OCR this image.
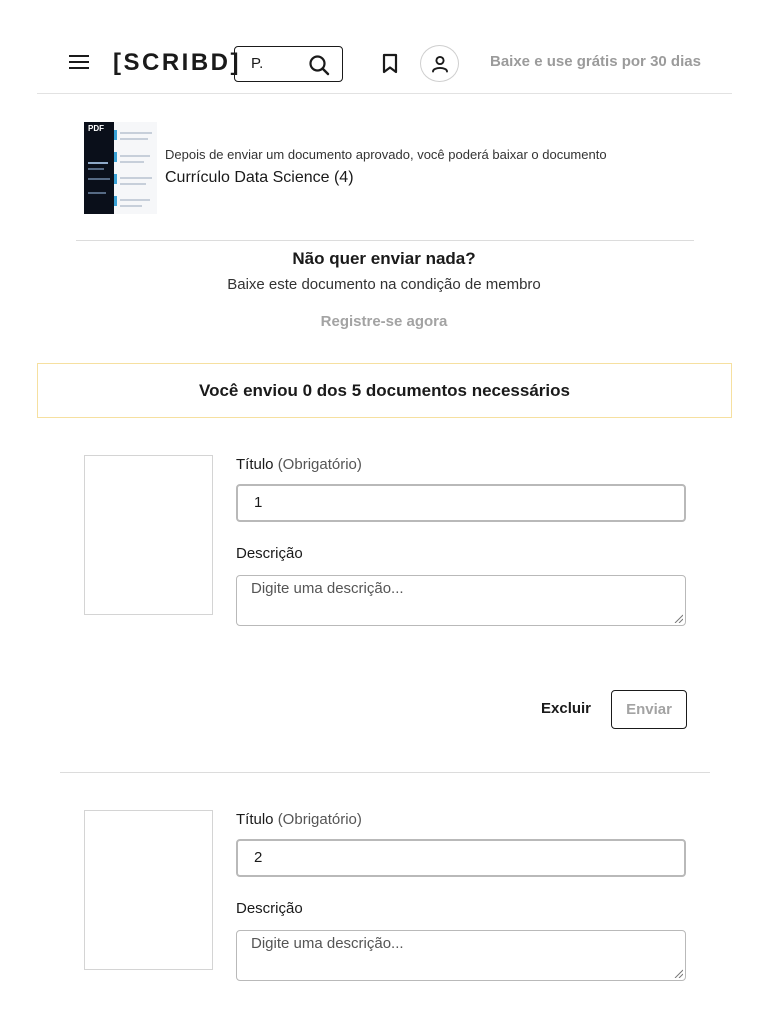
[SCRIBD] P.	Baixe e use grátis por 30 dias
PDF
Depois de enviar um documento aprovado, você poderá baixar o documento
Currículo Data Science (4)
Não quer enviar nada?
Baixe este documento na condição de membro
Registre-se agora
Você enviou 0 dos 5 documentos necessários
Título (Obrigatório)
1
Descrição
Digite uma descrição...
Excluir	Enviar
Título (Obrigatório)
2
Descrição
Digite uma descrição...
